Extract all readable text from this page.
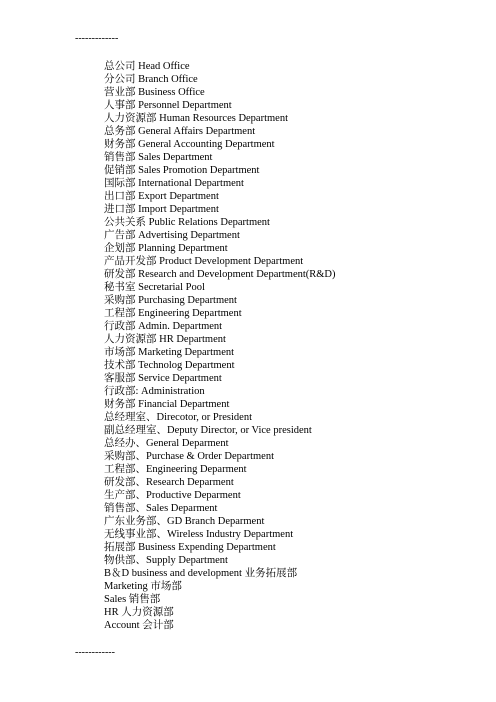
-------------
总公司 Head Office
分公司 Branch Office
营业部 Business Office
人事部 Personnel Department
人力资源部 Human Resources Department
总务部 General Affairs Department
财务部 General Accounting Department
销售部 Sales Department
促销部 Sales Promotion Department
国际部 International Department
出口部 Export Department
进口部 Import Department
公共关系 Public Relations Department
广告部 Advertising Department
企划部 Planning Department
产品开发部 Product Development Department
研发部 Research and Development Department(R&D)
秘书室 Secretarial Pool
采购部 Purchasing Department
工程部 Engineering Department
行政部 Admin. Department
人力资源部 HR Department
市场部 Marketing Department
技术部 Technolog Department
客服部 Service Department
行政部: Administration
财务部 Financial Department
总经理室、Direcotor, or President
副总经理室、Deputy Director, or Vice president
总经办、General Deparment
采购部、Purchase & Order Department
工程部、Engineering Deparment
研发部、Research Deparment
生产部、Productive Deparment
销售部、Sales Deparment
广东业务部、GD Branch Deparment
无线事业部、Wireless Industry Department
拓展部 Business Expending Department
物供部、Supply Department
B＆D business and development 业务拓展部
Marketing 市场部
Sales 销售部
HR 人力资源部
Account 会计部
------------
